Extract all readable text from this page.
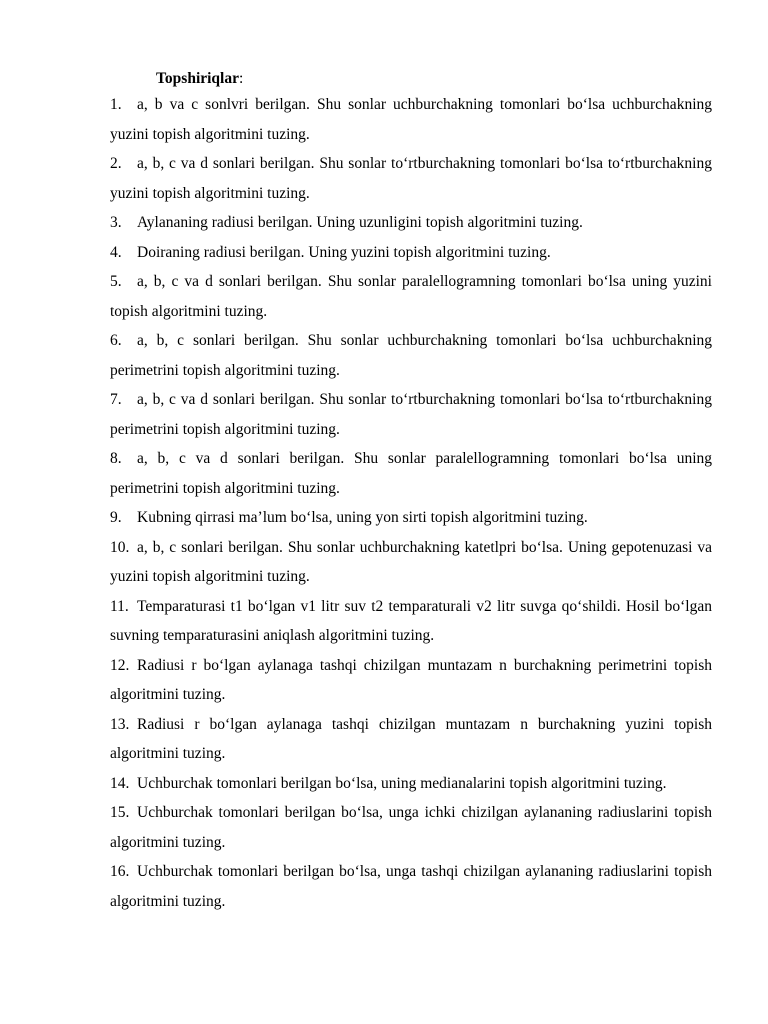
Topshiriqlar:
1. a, b va c sonlvri berilgan. Shu sonlar uchburchakning tomonlari bo‘lsa uchburchakning yuzini topish algoritmini tuzing.
2. a, b, c va d sonlari berilgan. Shu sonlar to‘rtburchakning tomonlari bo‘lsa to‘rtburchakning yuzini topish algoritmini tuzing.
3. Aylananing radiusi berilgan. Uning uzunligini topish algoritmini tuzing.
4. Doiraning radiusi berilgan. Uning yuzini topish algoritmini tuzing.
5. a, b, c va d sonlari berilgan. Shu sonlar paralellogramning tomonlari bo‘lsa uning yuzini topish algoritmini tuzing.
6. a, b, c sonlari berilgan. Shu sonlar uchburchakning tomonlari bo‘lsa uchburchakning perimetrini topish algoritmini tuzing.
7. a, b, c va d sonlari berilgan. Shu sonlar to‘rtburchakning tomonlari bo‘lsa to‘rtburchakning perimetrini topish algoritmini tuzing.
8. a, b, c va d sonlari berilgan. Shu sonlar paralellogramning tomonlari bo‘lsa uning perimetrini topish algoritmini tuzing.
9. Kubning qirrasi ma’lum bo‘lsa, uning yon sirti topish algoritmini tuzing.
10. a, b, c sonlari berilgan. Shu sonlar uchburchakning katetlpri bo‘lsa. Uning gepotenuzasi va yuzini topish algoritmini tuzing.
11. Temparaturasi t1 bo‘lgan v1 litr suv t2 temparaturali v2 litr suvga qo‘shildi. Hosil bo‘lgan suvning temparaturasini aniqlash algoritmini tuzing.
12. Radiusi r bo‘lgan aylanaga tashqi chizilgan muntazam n burchakning perimetrini topish algoritmini tuzing.
13. Radiusi r bo‘lgan aylanaga tashqi chizilgan muntazam n burchakning yuzini topish algoritmini tuzing.
14. Uchburchak tomonlari berilgan bo‘lsa, uning medianalarini topish algoritmini tuzing.
15. Uchburchak tomonlari berilgan bo‘lsa, unga ichki chizilgan aylananing radiuslarini topish algoritmini tuzing.
16. Uchburchak tomonlari berilgan bo‘lsa, unga tashqi chizilgan aylananing radiuslarini topish algoritmini tuzing.
